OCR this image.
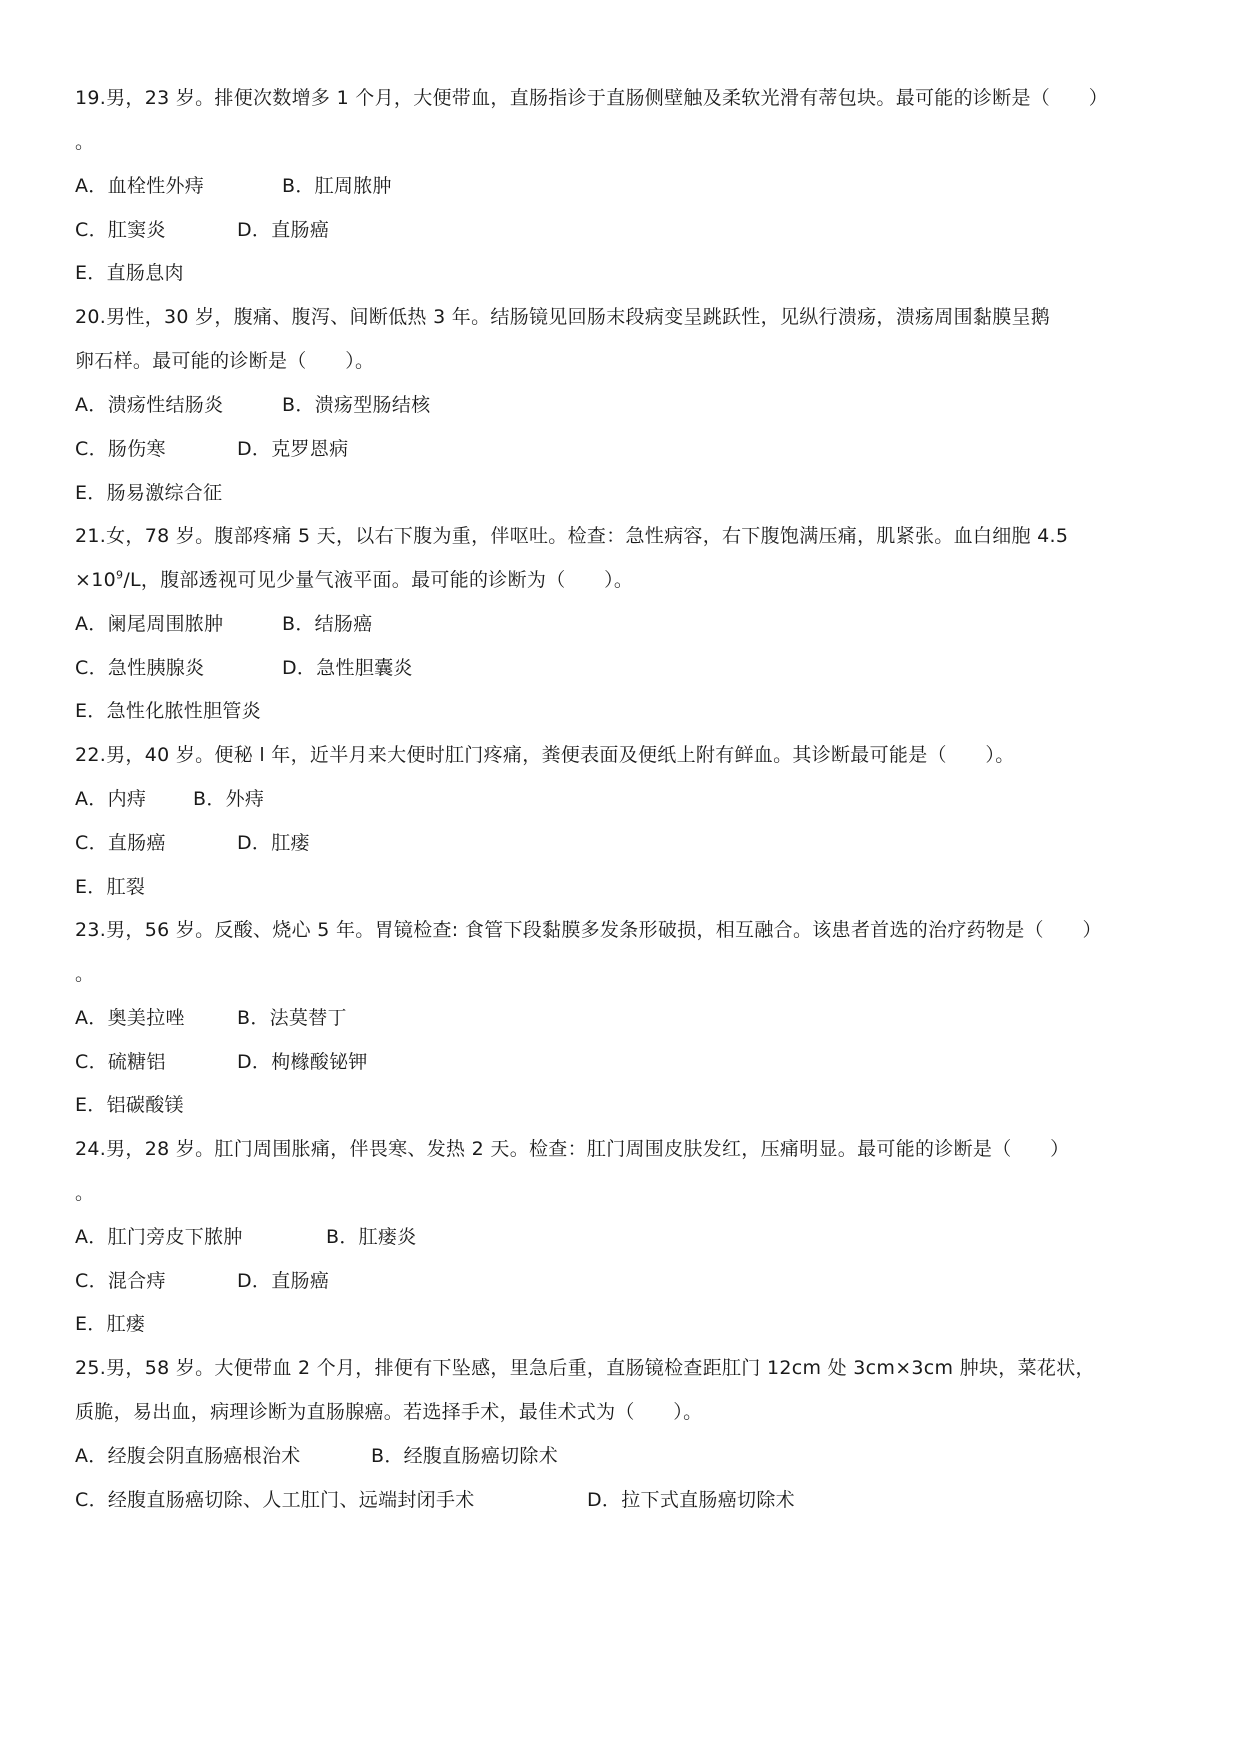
19.男，23 岁。排便次数增多 1 个月，大便带血，直肠指诊于直肠侧壁触及柔软光滑有蒂包块。最可能的诊断是（　　）
。
A．血栓性外痔	B．肛周脓肿
C．肛窦炎	D．直肠癌
E．直肠息肉
20.男性，30 岁，腹痛、腹泻、间断低热 3 年。结肠镜见回肠末段病变呈跳跃性，见纵行溃疡，溃疡周围黏膜呈鹅
卵石样。最可能的诊断是（　　）。
A．溃疡性结肠炎	B．溃疡型肠结核
C．肠伤寒	D．克罗恩病
E．肠易激综合征
21.女，78 岁。腹部疼痛 5 天，以右下腹为重，伴呕吐。检查：急性病容，右下腹饱满压痛，肌紧张。血白细胞 4.5
$\times 10^9/L$，腹部透视可见少量气液平面。最可能的诊断为（　　）。
A．阑尾周围脓肿	B．结肠癌
C．急性胰腺炎	D．急性胆囊炎
E．急性化脓性胆管炎
22.男，40 岁。便秘 l 年，近半月来大便时肛门疼痛，粪便表面及便纸上附有鲜血。其诊断最可能是（　　）。
A．内痔 B．外痔
C．直肠癌	D．肛瘘
E．肛裂
23.男，56 岁。反酸、烧心 5 年。胃镜检查: 食管下段黏膜多发条形破损，相互融合。该患者首选的治疗药物是（　　）
。
A．奥美拉唑	B．法莫替丁
C．硫糖铝	D．枸橼酸铋钾
E．铝碳酸镁
24.男，28 岁。肛门周围胀痛，伴畏寒、发热 2 天。检查：肛门周围皮肤发红，压痛明显。最可能的诊断是（　　）
。
A．肛门旁皮下脓肿	B．肛瘘炎
C．混合痔	D．直肠癌
E．肛瘘
25.男，58 岁。大便带血 2 个月，排便有下坠感，里急后重，直肠镜检查距肛门 12cm 处 3cm×3cm 肿块，菜花状，
质脆，易出血，病理诊断为直肠腺癌。若选择手术，最佳术式为（　　）。
A．经腹会阴直肠癌根治术	B．经腹直肠癌切除术
C．经腹直肠癌切除、人工肛门、远端封闭手术	D．拉下式直肠癌切除术
